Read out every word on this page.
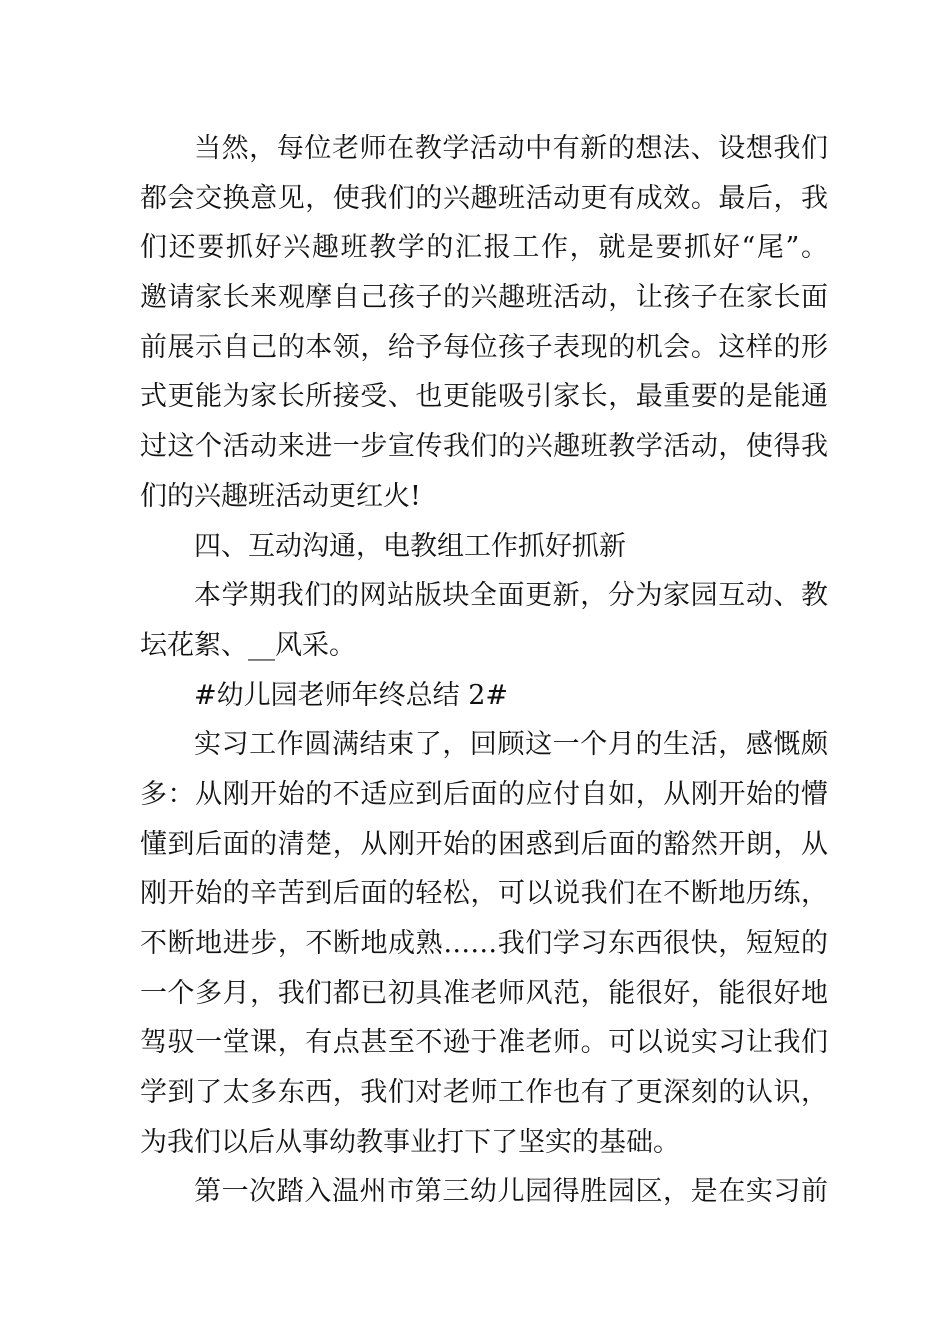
当然，每位老师在教学活动中有新的想法、设想我们
都会交换意见，使我们的兴趣班活动更有成效。最后，我
们还要抓好兴趣班教学的汇报工作，就是要抓好“尾”。
邀请家长来观摩自己孩子的兴趣班活动，让孩子在家长面
前展示自己的本领，给予每位孩子表现的机会。这样的形
式更能为家长所接受、也更能吸引家长，最重要的是能通
过这个活动来进一步宣传我们的兴趣班教学活动，使得我
们的兴趣班活动更红火!
四、互动沟通，电教组工作抓好抓新
本学期我们的网站版块全面更新，分为家园互动、教
坛花絮、__风采。
#幼儿园老师年终总结 2#
实习工作圆满结束了，回顾这一个月的生活，感慨颇
多：从刚开始的不适应到后面的应付自如，从刚开始的懵
懂到后面的清楚，从刚开始的困惑到后面的豁然开朗，从
刚开始的辛苦到后面的轻松，可以说我们在不断地历练，
不断地进步，不断地成熟……我们学习东西很快，短短的
一个多月，我们都已初具准老师风范，能很好，能很好地
驾驭一堂课，有点甚至不逊于准老师。可以说实习让我们
学到了太多东西，我们对老师工作也有了更深刻的认识，
为我们以后从事幼教事业打下了坚实的基础。
第一次踏入温州市第三幼儿园得胜园区，是在实习前
